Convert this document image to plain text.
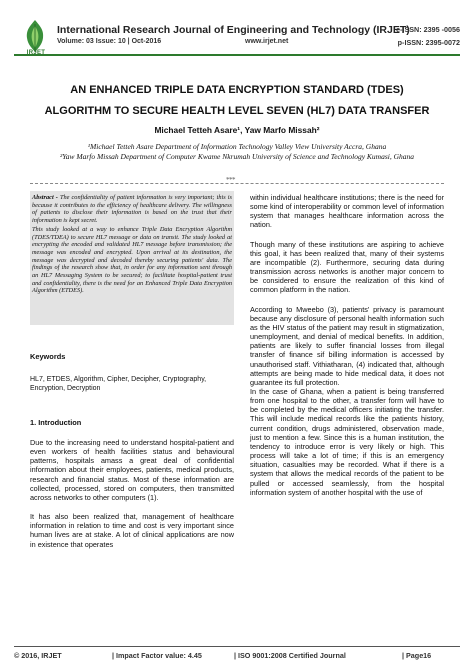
IRJET
International Research Journal of Engineering and Technology (IRJET)
Volume: 03 Issue: 10 | Oct-2016	www.irjet.net
e-ISSN: 2395 -0056
p-ISSN: 2395-0072
AN ENHANCED TRIPLE DATA ENCRYPTION STANDARD (TDES)
ALGORITHM TO SECURE HEALTH LEVEL SEVEN (HL7) DATA TRANSFER
Michael Tetteh Asare¹, Yaw Marfo Missah²
¹Michael Tetteh Asare Department of Information Technology Valley View University Accra, Ghana
²Yaw Marfo Missah Department of Computer Kwame Nkrumah University of Science and Technology Kumasi, Ghana
***

Abstract - The confidentiality of patient information is very important; this is because it contributes to the efficiency of healthcare delivery. The willingness of patients to disclose their information is based on the trust that their information is kept secret.

This study looked at a way to enhance Triple Data Encryption Algorithm (TDES/TDEA) to secure HL7 message or data on transit. The study looked at encrypting the encoded and validated HL7 message before transmission; the message was encoded and encrypted. Upon arrival at its destination, the message was decrypted and decoded thereby securing patients' data. The findings of the research show that, in order for any information sent through an HL7 Messaging System to be secured; to facilitate hospital-patient trust and confidentiality, there is the need for an Enhanced Triple Data Encryption Algorithm (ETDES).

Keywords
HL7, ETDES, Algorithm, Cipher, Decipher, Cryptography, Encryption, Decryption
1. Introduction

Due to the increasing need to understand hospital-patient and even workers of health facilities status and behavioural patterns, hospitals amass a great deal of confidential information about their employees, patients, medical products, research and financial status. Most of these information are collected, processed, stored on computers, then transmitted across networks to other computers (1).

It has also been realized that, management of healthcare information in relation to time and cost is very important since human lives are at stake. A lot of clinical applications are now in existence that operates

within individual healthcare institutions; there is the need for some kind of interoperability or common level of information system that manages healthcare information across the nation.

Though many of these institutions are aspiring to achieve this goal, it has been realized that, many of their systems are incompatible (2). Furthermore, securing data during transmission across networks is another major concern to be considered to ensure the realization of this kind of common platform in the nation.

According to Mweebo (3), patients' privacy is paramount because any disclosure of personal health information such as the HIV status of the patient may result in stigmatization, unemployment, and denial of medical benefits. In addition, patients are likely to suffer financial losses from illegal transfer of finance sif billing information is accessed by unauthorised staff. Vithiatharan, (4) indicated that, although attempts are being made to hide medical data, it does not guarantee its full protection.

In the case of Ghana, when a patient is being transferred from one hospital to the other, a transfer form will have to be completed by the medical officers initiating the transfer. This will include medical records like the patients history, current condition, drugs administered, observation made, just to mention a few. Since this is a human institution, the tendency to introduce error is very likely or high. This process will take a lot of time; if this is an emergency situation, casualties may be recorded. What if there is a system that allows the medical records of the patient to be pulled or accessed seamlessly, from the hospital information system of another hospital with the use of

© 2016, IRJET	| Impact Factor value: 4.45	| ISO 9001:2008 Certified Journal	| Page16
